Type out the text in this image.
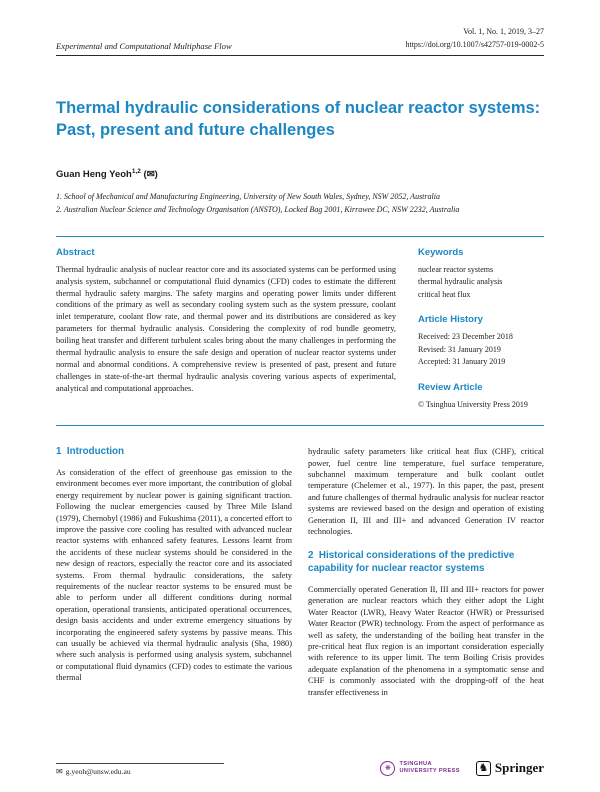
Experimental and Computational Multiphase Flow
Vol. 1, No. 1, 2019, 3–27
https://doi.org/10.1007/s42757-019-0002-5
Thermal hydraulic considerations of nuclear reactor systems: Past, present and future challenges
Guan Heng Yeoh$^{1,2}$ (✉)
1. School of Mechanical and Manufacturing Engineering, University of New South Wales, Sydney, NSW 2052, Australia
2. Australian Nuclear Science and Technology Organisation (ANSTO), Locked Bag 2001, Kirrawee DC, NSW 2232, Australia
Abstract
Thermal hydraulic analysis of nuclear reactor core and its associated systems can be performed using analysis system, subchannel or computational fluid dynamics (CFD) codes to estimate the different thermal hydraulic safety margins. The safety margins and operating power limits under different conditions of the primary as well as secondary cooling system such as the system pressure, coolant inlet temperature, coolant flow rate, and thermal power and its distributions are considered as key parameters for thermal hydraulic analysis. Considering the complexity of rod bundle geometry, boiling heat transfer and different turbulent scales bring about the many challenges in performing the thermal hydraulic analysis to ensure the safe design and operation of nuclear reactor systems under normal and abnormal conditions. A comprehensive review is presented of past, present and future challenges in state-of-the-art thermal hydraulic analysis covering various aspects of experimental, analytical and computational approaches.
Keywords
nuclear reactor systems
thermal hydraulic analysis
critical heat flux
Article History
Received: 23 December 2018
Revised: 31 January 2019
Accepted: 31 January 2019
Review Article
© Tsinghua University Press 2019
1  Introduction

As consideration of the effect of greenhouse gas emission to the environment becomes ever more important, the contribution of global energy requirement by nuclear power is gaining significant traction. Following the nuclear emergencies caused by Three Mile Island (1979), Chernobyl (1986) and Fukushima (2011), a concerted effort to improve the passive core cooling has resulted with advanced nuclear reactor systems with enhanced safety features. Lessons learnt from the accidents of these nuclear systems should be considered in the new design of reactors, especially the reactor core and its associated systems. From thermal hydraulic considerations, the safety requirements of the nuclear reactor systems to be ensured must be able to perform under all different conditions during normal operation, operational transients, anticipated operational occurrences, design basis accidents and under extreme emergency situations by incorporating the engineered safety systems by passive means. This can usually be achieved via thermal hydraulic analysis (Sha, 1980) where such analysis is performed using analysis system, subchannel or computational fluid dynamics (CFD) codes to estimate the various thermal

hydraulic safety parameters like critical heat flux (CHF), critical power, fuel centre line temperature, fuel surface temperature, subchannel maximum temperature and bulk coolant outlet temperature (Chelemer et al., 1977). In this paper, the past, present and future challenges of thermal hydraulic analysis for nuclear reactor systems are reviewed based on the design and operation of existing Generation II, III and III+ and advanced Generation IV reactor technologies.

2  Historical considerations of the predictive capability for nuclear reactor systems

Commercially operated Generation II, III and III+ reactors for power generation are nuclear reactors which they either adopt the Light Water Reactor (LWR), Heavy Water Reactor (HWR) or Pressurised Water Reactor (PWR) technology. From the aspect of performance as well as safety, the understanding of the boiling heat transfer in the pre-critical heat flux region is an important consideration especially with reference to its upper limit. The term Boiling Crisis provides adequate explanation of the phenomena in a symptomatic sense and CHF is commonly associated with the dropping-off of the heat transfer effectiveness in

✉ g.yeoh@unsw.edu.au	❋	TSINGHUA
UNIVERSITY PRESS ♞ Springer
